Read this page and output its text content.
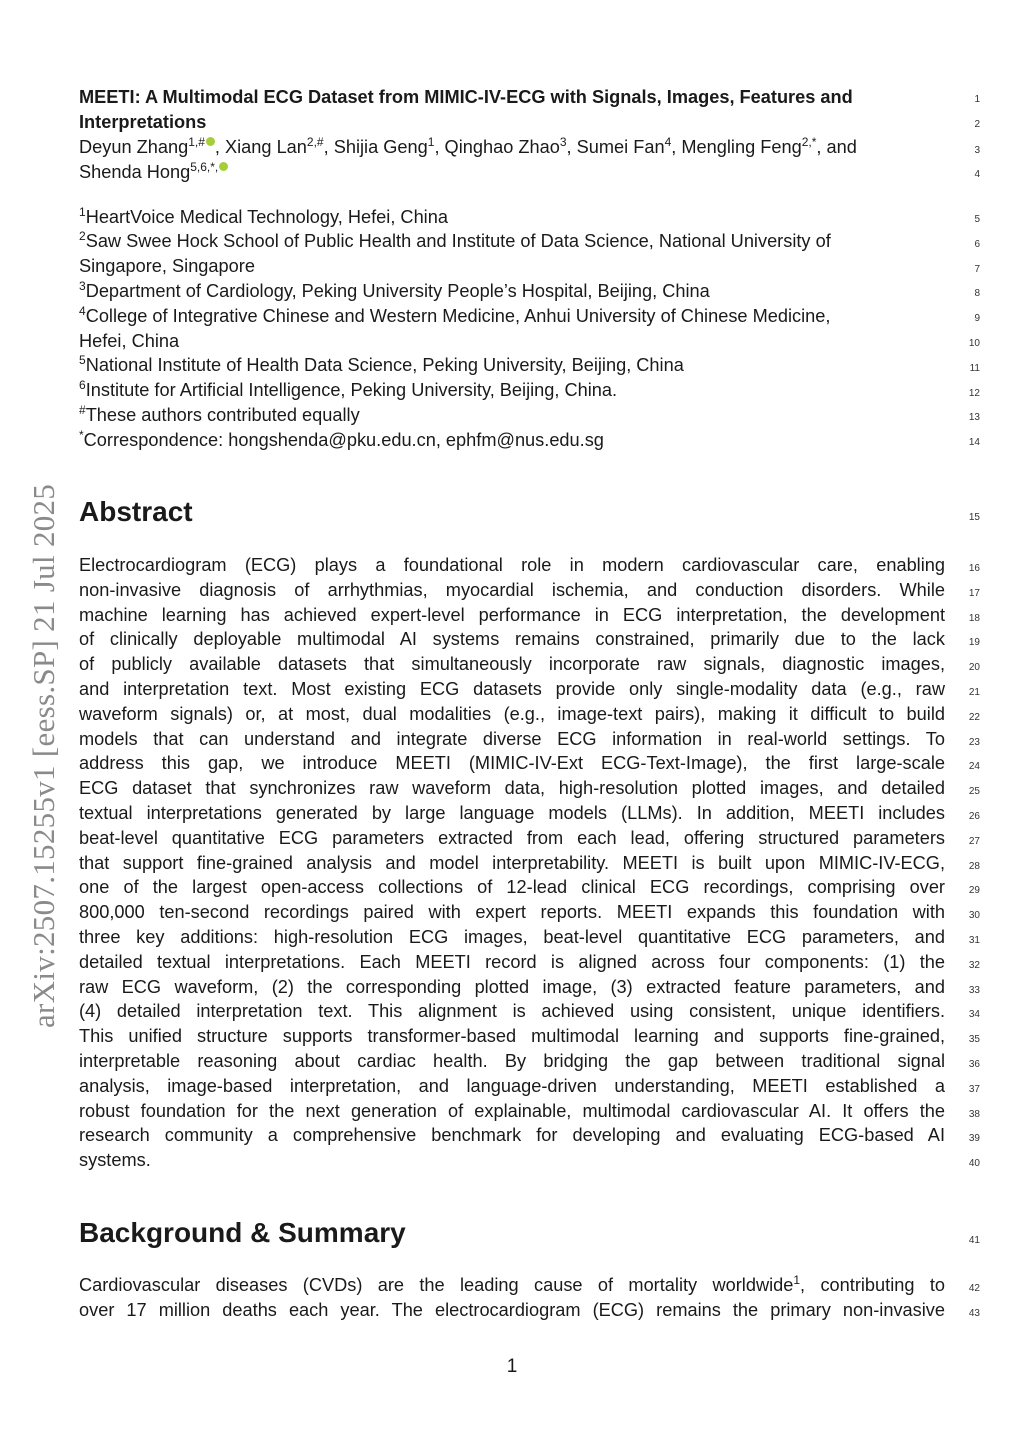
arXiv:2507.15255v1 [eess.SP] 21 Jul 2025
MEETI: A Multimodal ECG Dataset from MIMIC-IV-ECG with Signals, Images, Features and
Interpretations
Deyun Zhang$^{1,\#}$ , Xiang Lan$^{2,\#}$, Shijia Geng$^1$, Qinghao Zhao$^3$, Sumei Fan$^4$, Mengling Feng$^{2,*}$, and
Shenda Hong$^{5,6,*,}$
$^1$HeartVoice Medical Technology, Hefei, China
$^2$Saw Swee Hock School of Public Health and Institute of Data Science, National University of
Singapore, Singapore
$^3$Department of Cardiology, Peking University People’s Hospital, Beijing, China
$^4$College of Integrative Chinese and Western Medicine, Anhui University of Chinese Medicine,
Hefei, China
$^5$National Institute of Health Data Science, Peking University, Beijing, China
$^6$Institute for Artificial Intelligence, Peking University, Beijing, China.
#These authors contributed equally
*Correspondence: hongshenda@pku.edu.cn, ephfm@nus.edu.sg
Abstract
Electrocardiogram (ECG) plays a foundational role in modern cardiovascular care, enabling
non-invasive diagnosis of arrhythmias, myocardial ischemia, and conduction disorders. While
machine learning has achieved expert-level performance in ECG interpretation, the development
of clinically deployable multimodal AI systems remains constrained, primarily due to the lack
of publicly available datasets that simultaneously incorporate raw signals, diagnostic images,
and interpretation text. Most existing ECG datasets provide only single-modality data (e.g., raw
waveform signals) or, at most, dual modalities (e.g., image-text pairs), making it difficult to build
models that can understand and integrate diverse ECG information in real-world settings. To
address this gap, we introduce MEETI (MIMIC-IV-Ext ECG-Text-Image), the first large-scale
ECG dataset that synchronizes raw waveform data, high-resolution plotted images, and detailed
textual interpretations generated by large language models (LLMs). In addition, MEETI includes
beat-level quantitative ECG parameters extracted from each lead, offering structured parameters
that support fine-grained analysis and model interpretability. MEETI is built upon MIMIC-IV-ECG,
one of the largest open-access collections of 12-lead clinical ECG recordings, comprising over
800,000 ten-second recordings paired with expert reports. MEETI expands this foundation with
three key additions: high-resolution ECG images, beat-level quantitative ECG parameters, and
detailed textual interpretations. Each MEETI record is aligned across four components: (1) the
raw ECG waveform, (2) the corresponding plotted image, (3) extracted feature parameters, and
(4) detailed interpretation text. This alignment is achieved using consistent, unique identifiers.
This unified structure supports transformer-based multimodal learning and supports fine-grained,
interpretable reasoning about cardiac health. By bridging the gap between traditional signal
analysis, image-based interpretation, and language-driven understanding, MEETI established a
robust foundation for the next generation of explainable, multimodal cardiovascular AI. It offers the
research community a comprehensive benchmark for developing and evaluating ECG-based AI
systems.
Background & Summary
Cardiovascular diseases (CVDs) are the leading cause of mortality worldwide$^1$, contributing to
over 17 million deaths each year. The electrocardiogram (ECG) remains the primary non-invasive
1
2
3
4
5
6
7
8
9
10
11
12
13
14
15
16
17
18
19
20
21
22
23
24
25
26
27
28
29
30
31
32
33
34
35
36
37
38
39
40
41
42
43
1
